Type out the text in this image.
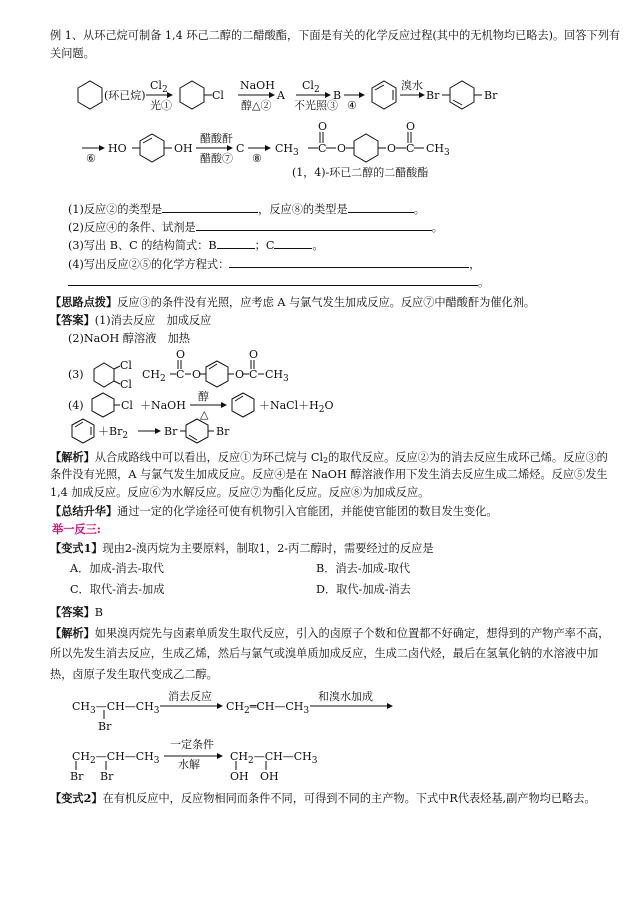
例 1、从环己烷可制备 1,4 环己二醇的二醋酸酯，下面是有关的化学反应过程(其中的无机物均已略去)。回答下列有
关问题。
(环已烷)
$Cl_2$
光①
Cl
NaOH
醇△②
A
$Cl_2$
不光照③
B
④
溴水
Br	Br
⑥
HO	OH
醋酸酐
醋酸⑦
C
⑧
$CH_3$
O
C O	O
O
C $CH_3$
(1，4)-环已二醇的二醋酸酯
(1)反应②的类型是	，反应⑧的类型是	。
(2)反应④的条件、试剂是	。
(3)写出 B、C 的结构简式：B	；C	。
(4)写出反应②⑤的化学方程式：	，
。
【思路点拨】反应③的条件没有光照，应考虑 A 与氯气发生加成反应。反应⑦中醋酸酐为催化剂。
【答案】(1)消去反应　加成反应
(2)NaOH 醇溶液　加热
(3)
Cl
Cl
$CH_2$
O
C O	O
O
C $CH_3$
(4)	Cl ＋NaOH
醇
△
$+NaCl+H_2O$
$+Br_2$	Br	Br
【解析】从合成路线中可以看出，反应①为环己烷与 Cl2的取代反应。反应②为的消去反应生成环己烯。反应③的
条件没有光照，A 与氯气发生加成反应。反应④是在 NaOH 醇溶液作用下发生消去反应生成二烯烃。反应⑤发生
1,4 加成反应。反应⑥为水解反应。反应⑦为酯化反应。反应⑧为加成反应。
【总结升华】通过一定的化学途径可使有机物引入官能团，并能使官能团的数目发生变化。
举一反三:
【变式1】现由2-溴丙烷为主要原料，制取1，2-丙二醇时，需要经过的反应是
A．加成-消去-取代	B．消去-加成-取代
C．取代-消去-加成	D．取代-加成-消去
【答案】B
【解析】如果溴丙烷先与卤素单质发生取代反应，引入的卤原子个数和位置都不好确定，想得到的产物产率不高，
所以先发生消去反应，生成乙烯，然后与氯气或溴单质加成反应，生成二卤代烃，最后在氢氧化钠的水溶液中加
热，卤原子发生取代变成乙二醇。
$CH_3—CH—CH_3$
Br
消去反应
$CH_2═CH—CH_3$
和溴水加成
$CH_2—CH—CH_3$
Br Br
一定条件
水解
$CH_2—CH—CH_3$
OH OH
【变式2】在有机反应中，反应物相同而条件不同，可得到不同的主产物。下式中R代表烃基,副产物均已略去。
